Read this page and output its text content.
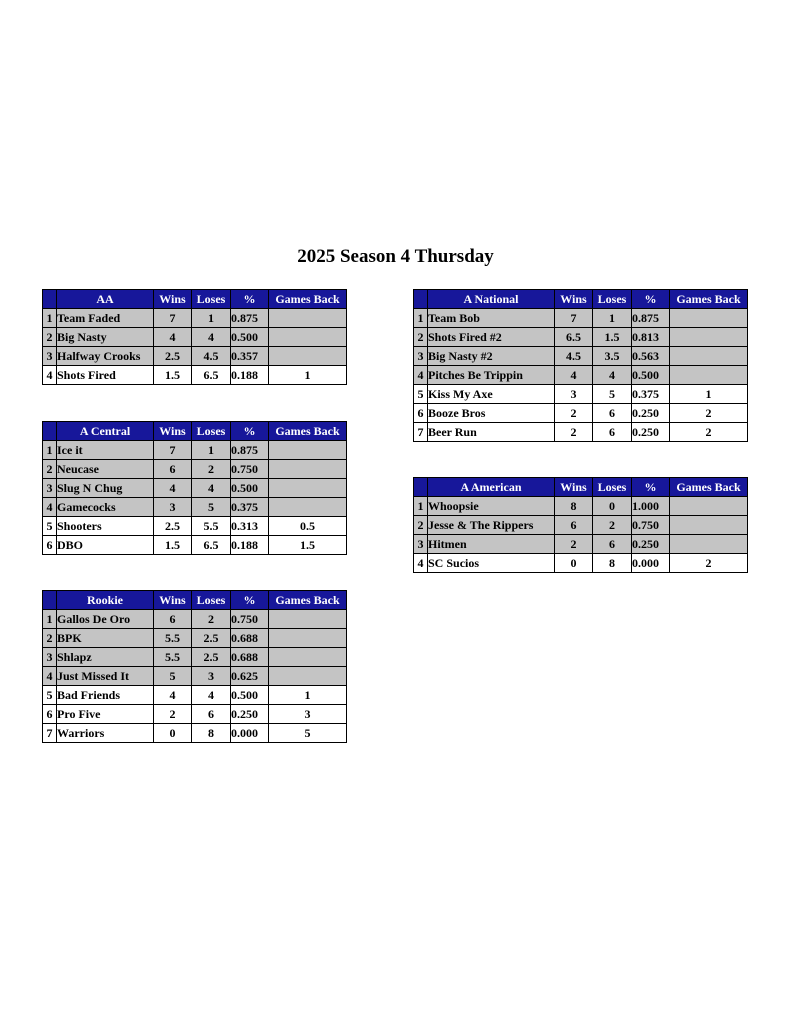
2025 Season 4 Thursday
	AA	Wins	Loses	%	Games Back
1	Team Faded	7	1	0.875	
2	Big Nasty	4	4	0.500	
3	Halfway Crooks	2.5	4.5	0.357	
4	Shots Fired	1.5	6.5	0.188	1
	A Central	Wins	Loses	%	Games Back
1	Ice it	7	1	0.875	
2	Neucase	6	2	0.750	
3	Slug N Chug	4	4	0.500	
4	Gamecocks	3	5	0.375	
5	Shooters	2.5	5.5	0.313	0.5
6	DBO	1.5	6.5	0.188	1.5
	Rookie	Wins	Loses	%	Games Back
1	Gallos De Oro	6	2	0.750	
2	BPK	5.5	2.5	0.688	
3	Shlapz	5.5	2.5	0.688	
4	Just Missed It	5	3	0.625	
5	Bad Friends	4	4	0.500	1
6	Pro Five	2	6	0.250	3
7	Warriors	0	8	0.000	5
	A National	Wins	Loses	%	Games Back
1	Team Bob	7	1	0.875	
2	Shots Fired #2	6.5	1.5	0.813	
3	Big Nasty #2	4.5	3.5	0.563	
4	Pitches Be Trippin	4	4	0.500	
5	Kiss My Axe	3	5	0.375	1
6	Booze Bros	2	6	0.250	2
7	Beer Run	2	6	0.250	2
	A American	Wins	Loses	%	Games Back
1	Whoopsie	8	0	1.000	
2	Jesse & The Rippers	6	2	0.750	
3	Hitmen	2	6	0.250	
4	SC Sucios	0	8	0.000	2
